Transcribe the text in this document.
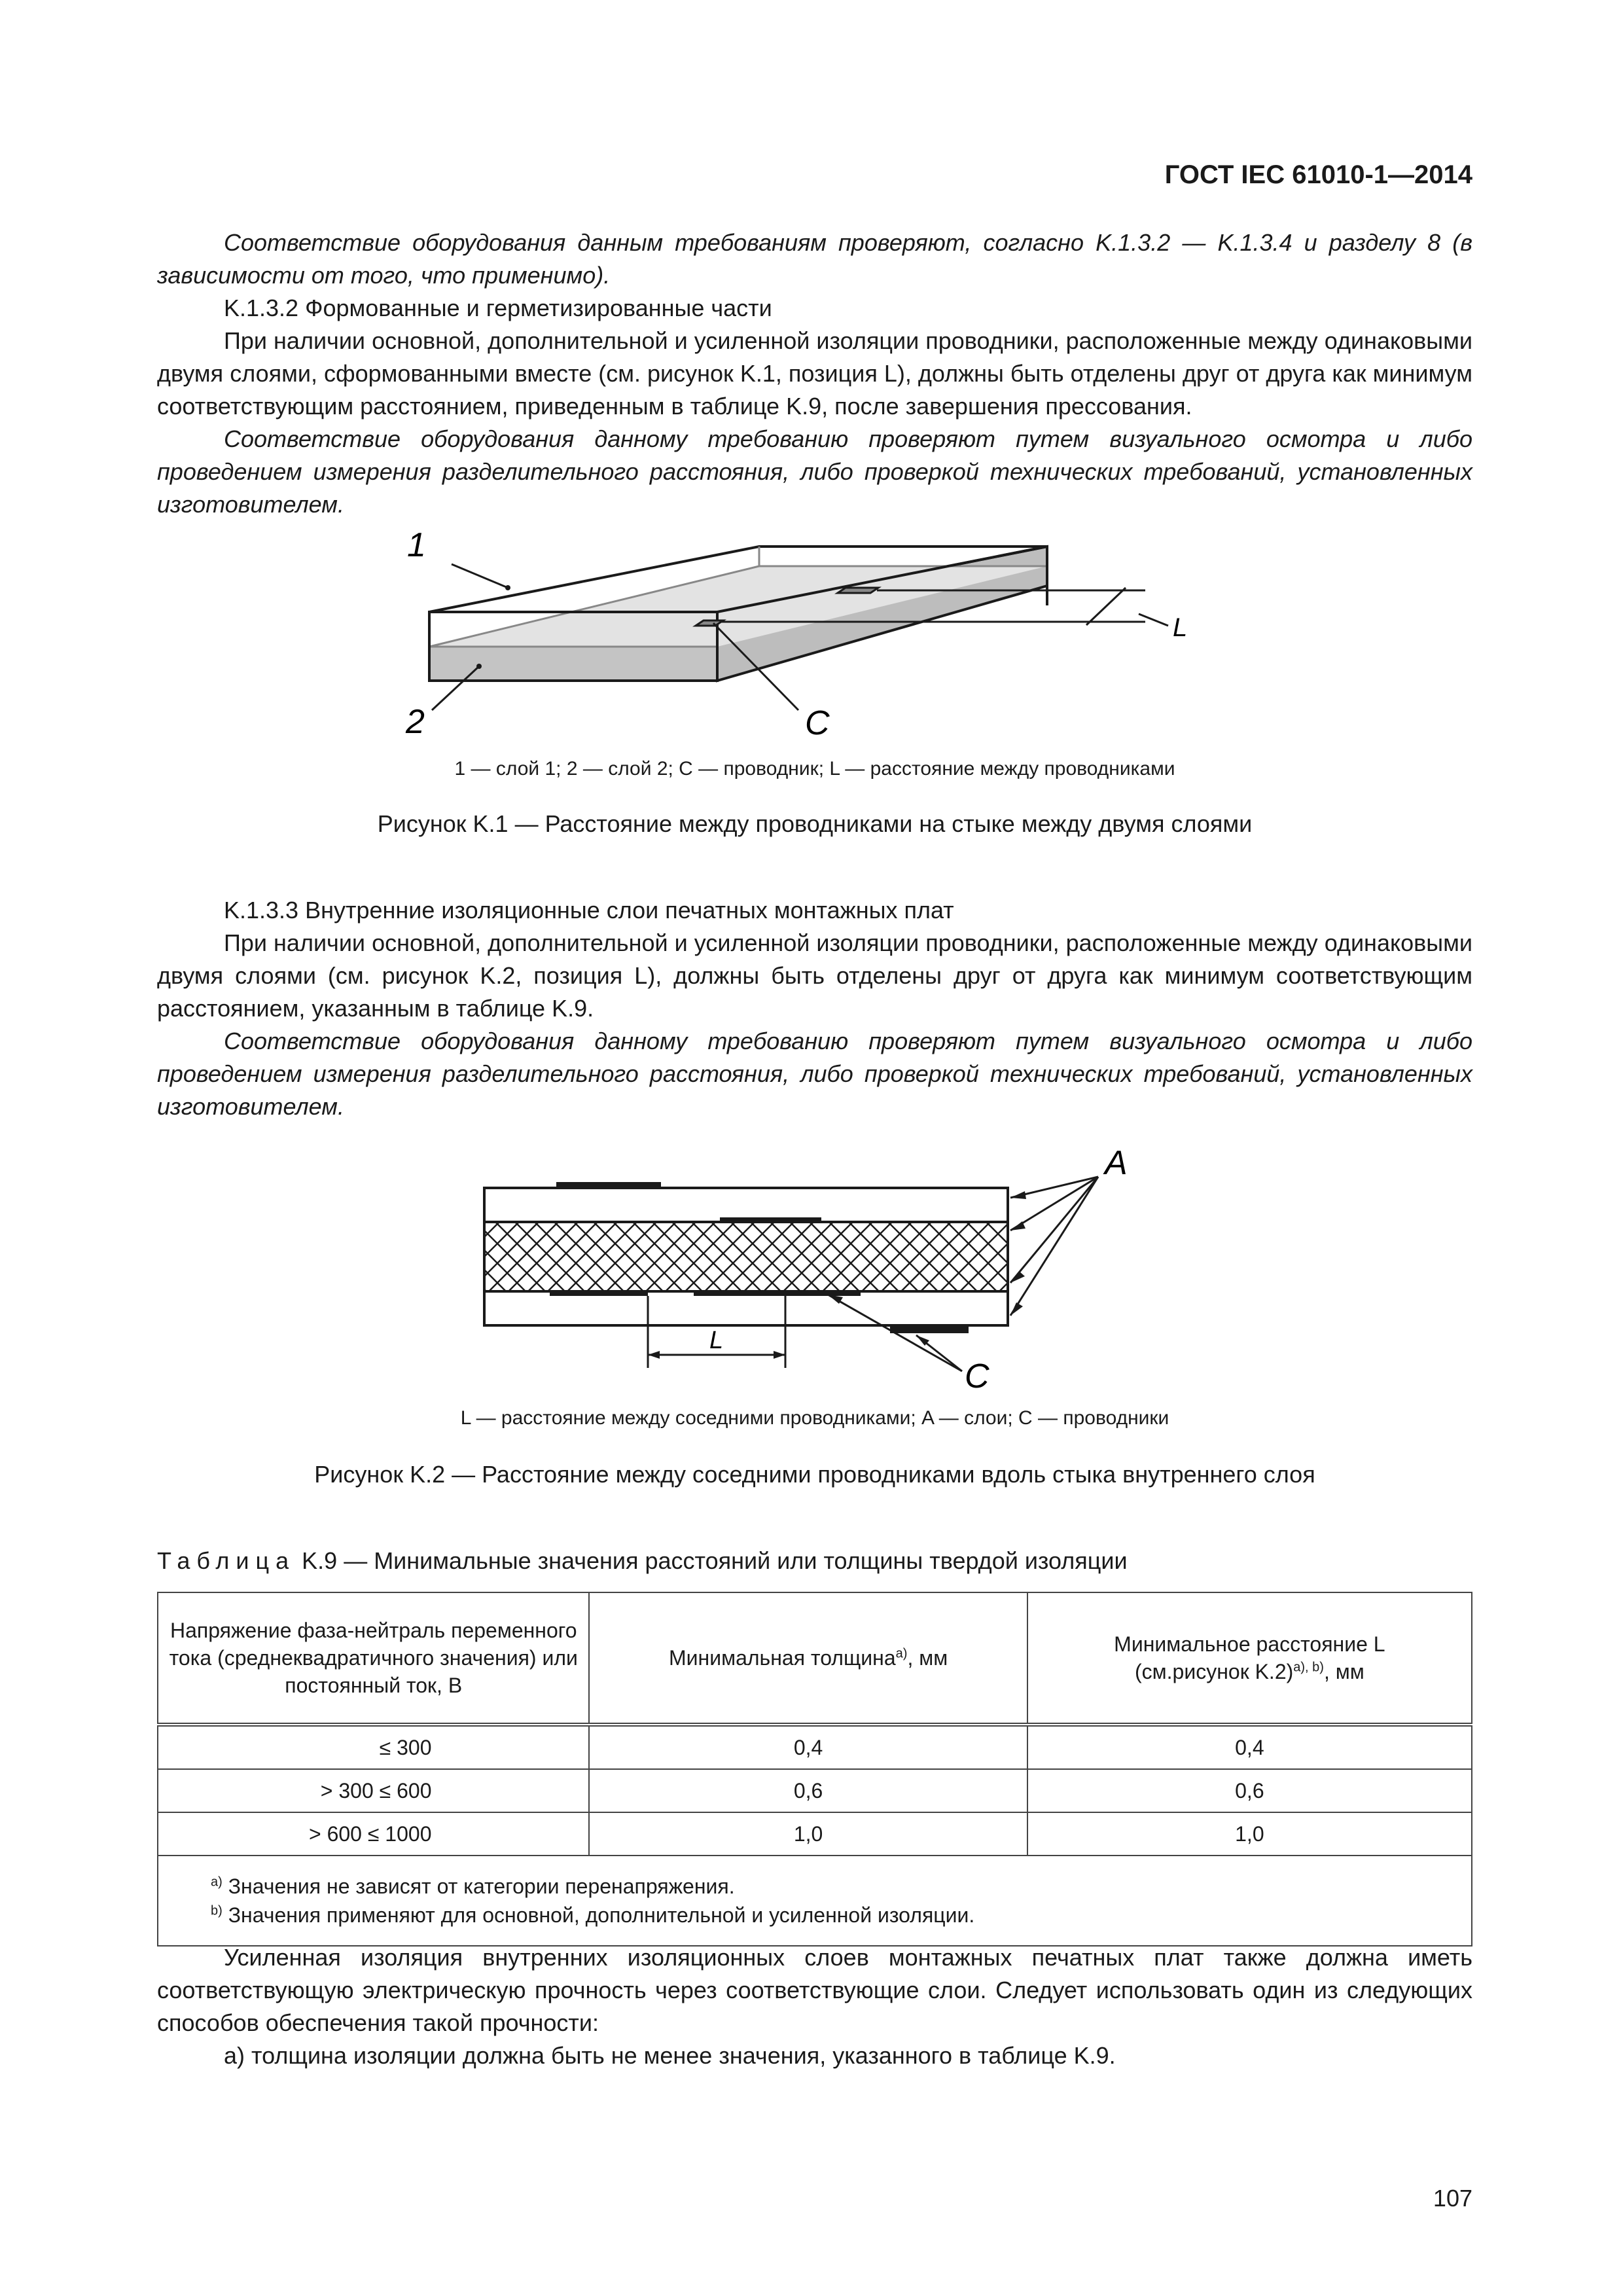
ГОСТ IEC 61010-1—2014

Соответствие оборудования данным требованиям проверяют, согласно K.1.3.2 — K.1.3.4 и разделу 8 (в зависимости от того, что применимо).

K.1.3.2 Формованные и герметизированные части

При наличии основной, дополнительной и усиленной изоляции проводники, расположенные между одинаковыми двумя слоями, сформованными вместе (см. рисунок K.1, позиция L), должны быть отделены друг от друга как минимум соответствующим расстоянием, приведенным в таблице K.9, после завершения прессования.

Соответствие оборудования данному требованию проверяют путем визуального осмотра и либо проведением измерения разделительного расстояния, либо проверкой технических требований, установленных изготовителем.

L
1
2	C
1 — слой 1; 2 — слой 2; C — проводник; L — расстояние между проводниками
Рисунок K.1 — Расстояние между проводниками на стыке между двумя слоями

K.1.3.3 Внутренние изоляционные слои печатных монтажных плат

При наличии основной, дополнительной и усиленной изоляции проводники, расположенные между одинаковыми двумя слоями (см. рисунок K.2, позиция L), должны быть отделены друг от друга как минимум соответствующим расстоянием, указанным в таблице K.9.

Соответствие оборудования данному требованию проверяют путем визуального осмотра и либо проведением измерения разделительного расстояния, либо проверкой технических требований, установленных изготовителем.

L
A
C
L — расстояние между соседними проводниками; A — слои; C — проводники
Рисунок K.2 — Расстояние между соседними проводниками вдоль стыка внутреннего слоя
Таблица K.9 — Минимальные значения расстояний или толщины твердой изоляции
Напряжение фаза-нейтраль переменного тока (среднеквадратичного значения) или постоянный ток, В	Минимальная толщина$^{a)}$, мм	Минимальное расстояние L
(см.рисунок K.2)$^{a), b)}$, мм
≤ 300	0,4	0,4
> 300 ≤ 600	0,6	0,6
> 600 ≤ 1000	1,0	1,0

$^{a)}$ Значения не зависят от категории перенапряжения.
$^{b)}$ Значения применяют для основной, дополнительной и усиленной изоляции.		

Усиленная изоляция внутренних изоляционных слоев монтажных печатных плат также должна иметь соответствующую электрическую прочность через соответствующие слои. Следует использовать один из следующих способов обеспечения такой прочности:

а) толщина изоляции должна быть не менее значения, указанного в таблице K.9.

107
